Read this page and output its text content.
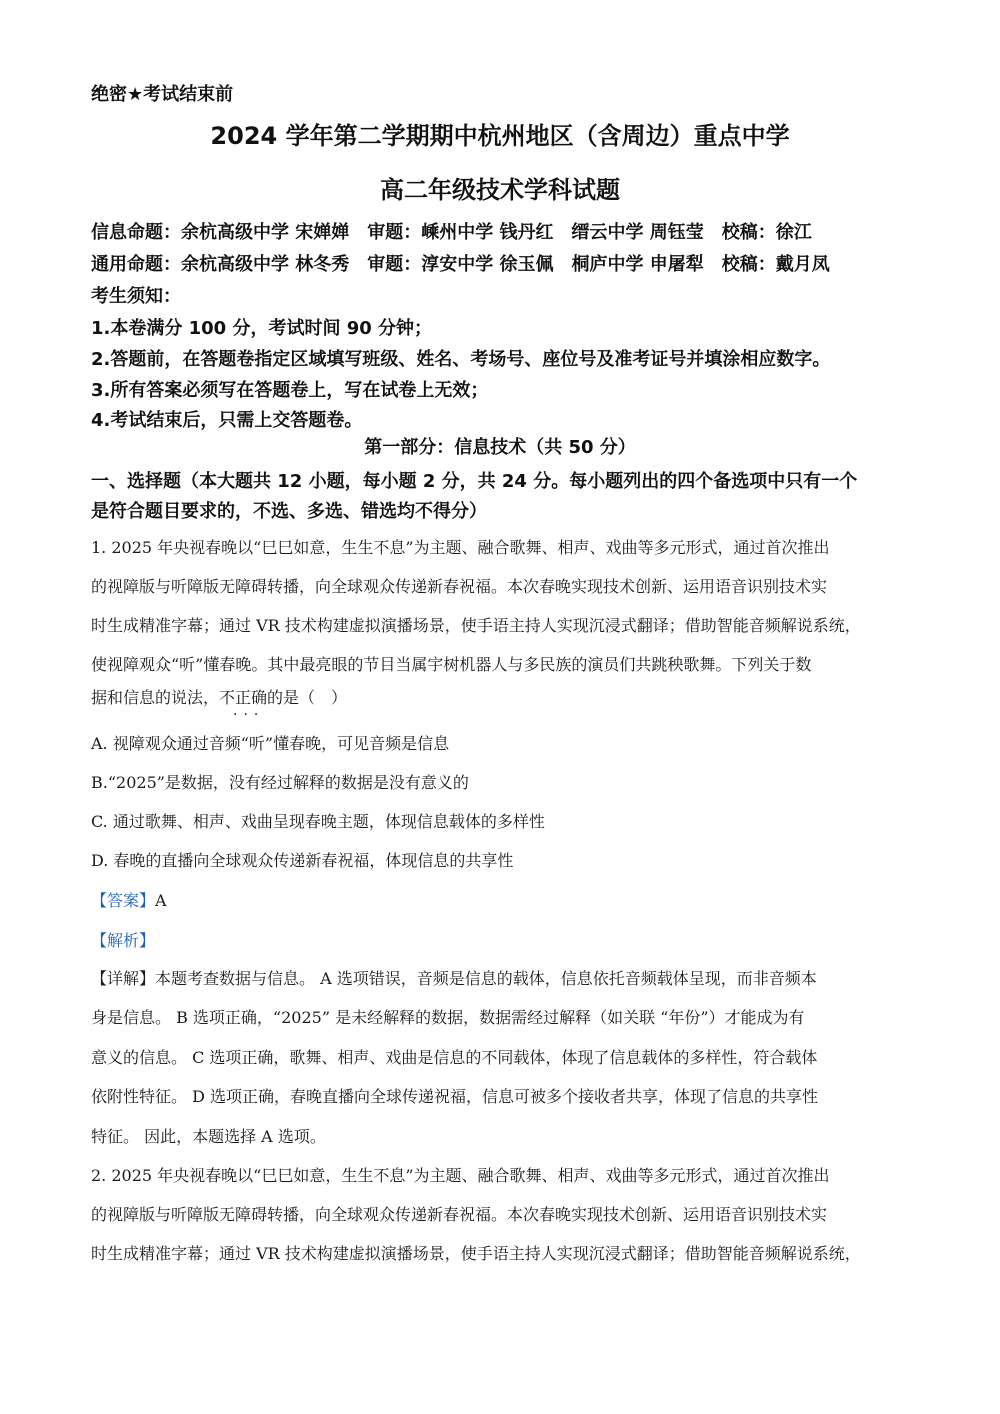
绝密★考试结束前
2024 学年第二学期期中杭州地区（含周边）重点中学
高二年级技术学科试题
信息命题：余杭高级中学 宋婵婵　审题：嵊州中学 钱丹红　缙云中学 周钰莹　校稿：徐江
通用命题：余杭高级中学 林冬秀　审题：淳安中学 徐玉佩　桐庐中学 申屠犁　校稿：戴月凤
考生须知：
1.本卷满分 100 分，考试时间 90 分钟；
2.答题前，在答题卷指定区域填写班级、姓名、考场号、座位号及准考证号并填涂相应数字。
3.所有答案必须写在答题卷上，写在试卷上无效；
4.考试结束后，只需上交答题卷。
第一部分：信息技术（共 50 分）
一、选择题（本大题共 12 小题，每小题 2 分，共 24 分。每小题列出的四个备选项中只有一个
是符合题目要求的，不选、多选、错选均不得分）
1. 2025 年央视春晚以“巳巳如意，生生不息”为主题、融合歌舞、相声、戏曲等多元形式，通过首次推出
的视障版与听障版无障碍转播，向全球观众传递新春祝福。本次春晚实现技术创新、运用语音识别技术实
时生成精准字幕；通过 VR 技术构建虚拟演播场景，使手语主持人实现沉浸式翻译；借助智能音频解说系统，
使视障观众“听”懂春晚。其中最亮眼的节目当属宇树机器人与多民族的演员们共跳秧歌舞。下列关于数
据和信息的说法，不正确的是（　）
···
A. 视障观众通过音频“听”懂春晚，可见音频是信息
B.“2025”是数据，没有经过解释的数据是没有意义的
C. 通过歌舞、相声、戏曲呈现春晚主题，体现信息载体的多样性
D. 春晚的直播向全球观众传递新春祝福，体现信息的共享性
【答案】A
【解析】
【详解】本题考查数据与信息。 A 选项错误，音频是信息的载体，信息依托音频载体呈现，而非音频本
身是信息。 B 选项正确，“2025” 是未经解释的数据，数据需经过解释（如关联 “年份”）才能成为有
意义的信息。 C 选项正确，歌舞、相声、戏曲是信息的不同载体，体现了信息载体的多样性，符合载体
依附性特征。 D 选项正确，春晚直播向全球传递祝福，信息可被多个接收者共享，体现了信息的共享性
特征。 因此，本题选择 A 选项。
2. 2025 年央视春晚以“巳巳如意，生生不息”为主题、融合歌舞、相声、戏曲等多元形式，通过首次推出
的视障版与听障版无障碍转播，向全球观众传递新春祝福。本次春晚实现技术创新、运用语音识别技术实
时生成精准字幕；通过 VR 技术构建虚拟演播场景，使手语主持人实现沉浸式翻译；借助智能音频解说系统，
